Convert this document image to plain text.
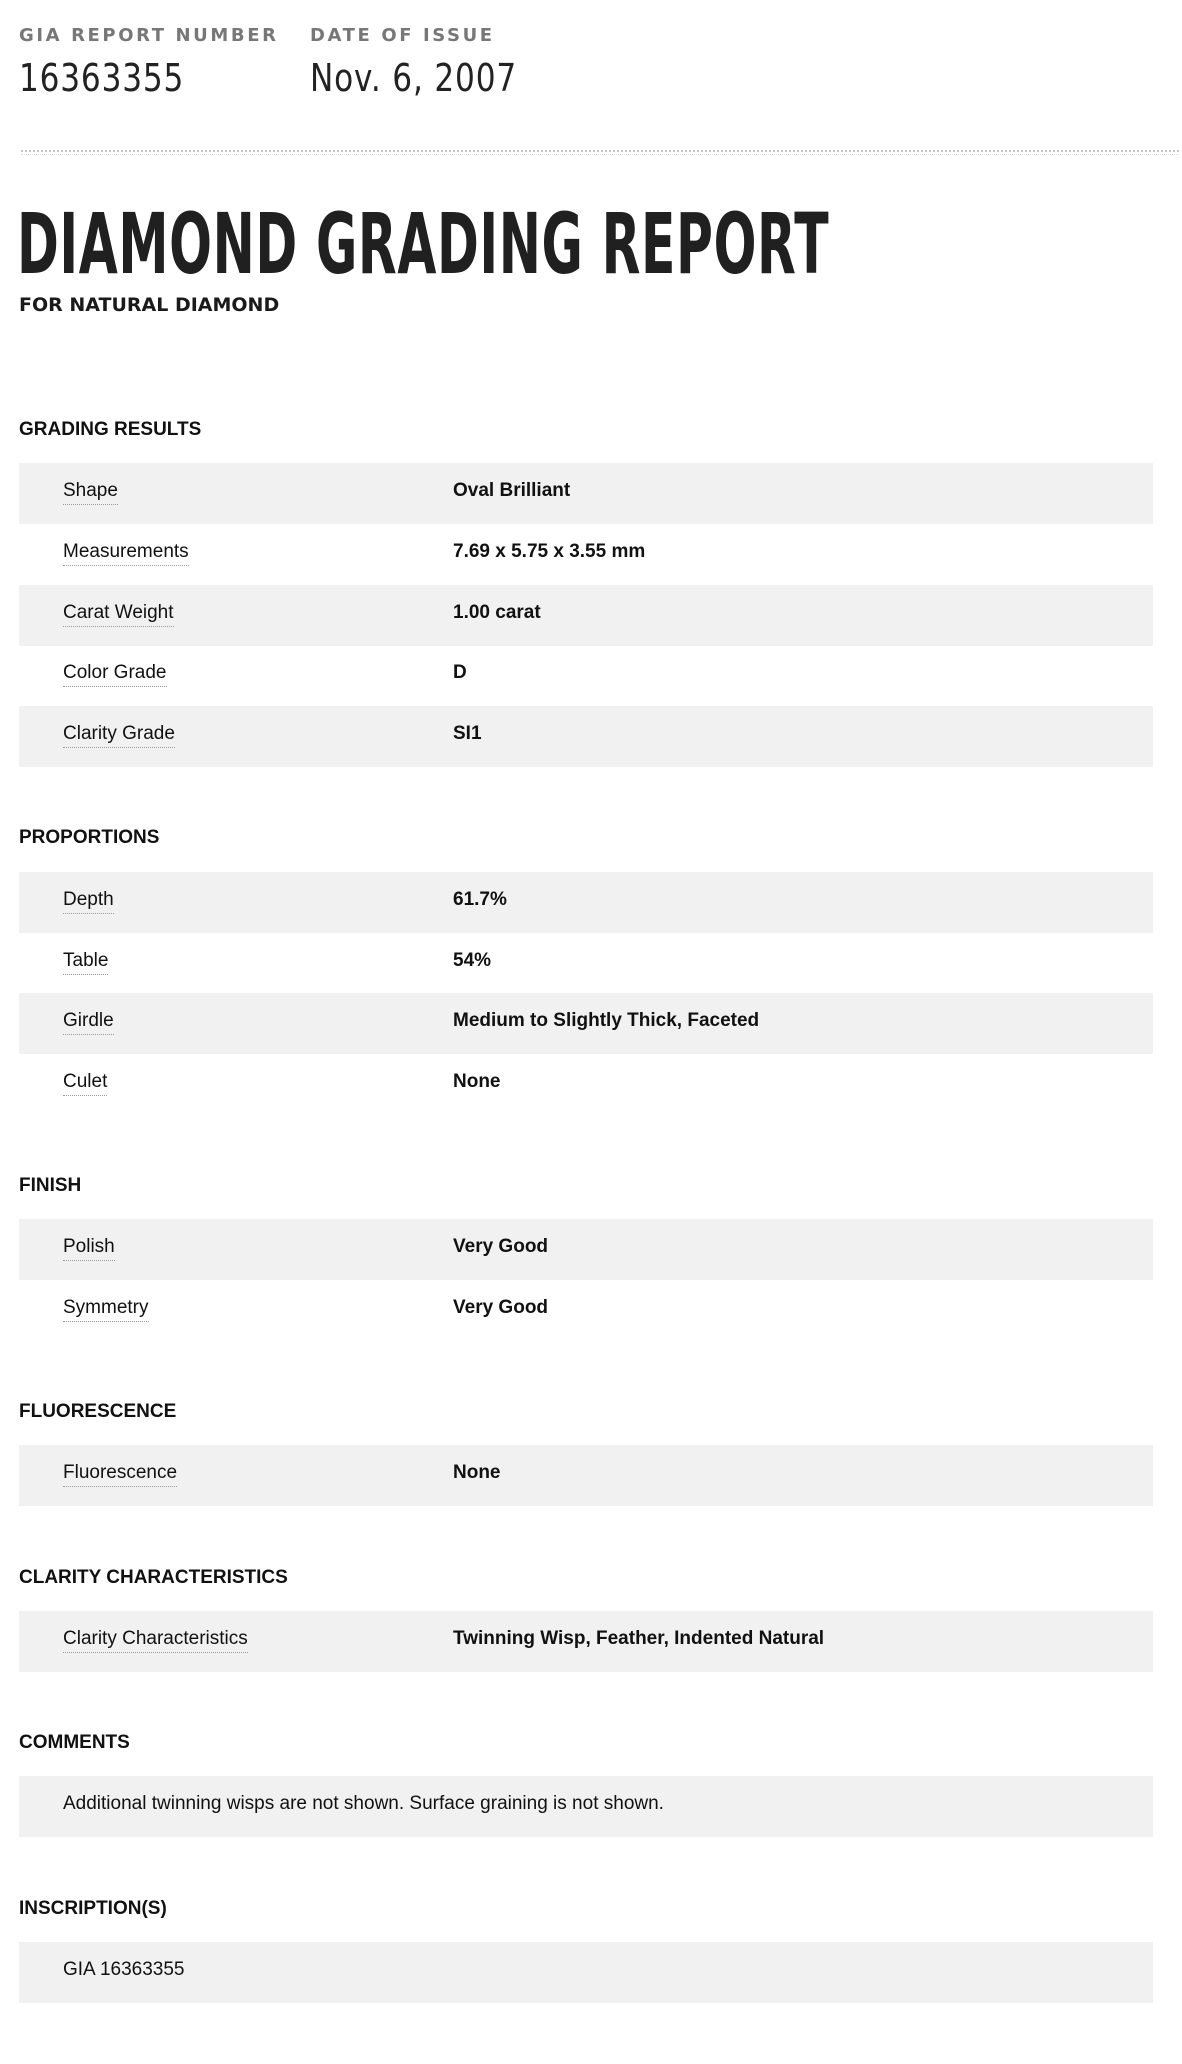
GIA REPORT NUMBER
16363355
DATE OF ISSUE
Nov. 6, 2007
DIAMOND GRADING REPORT
FOR NATURAL DIAMOND
GRADING RESULTS
Shape	Oval Brilliant
Measurements	7.69 x 5.75 x 3.55 mm
Carat Weight	1.00 carat
Color Grade	D
Clarity Grade	SI1
PROPORTIONS
Depth	61.7%
Table	54%
Girdle	Medium to Slightly Thick, Faceted
Culet	None
FINISH
Polish	Very Good
Symmetry	Very Good
FLUORESCENCE
Fluorescence	None
CLARITY CHARACTERISTICS
Clarity Characteristics	Twinning Wisp, Feather, Indented Natural
COMMENTS
Additional twinning wisps are not shown. Surface graining is not shown.
INSCRIPTION(S)
GIA 16363355
